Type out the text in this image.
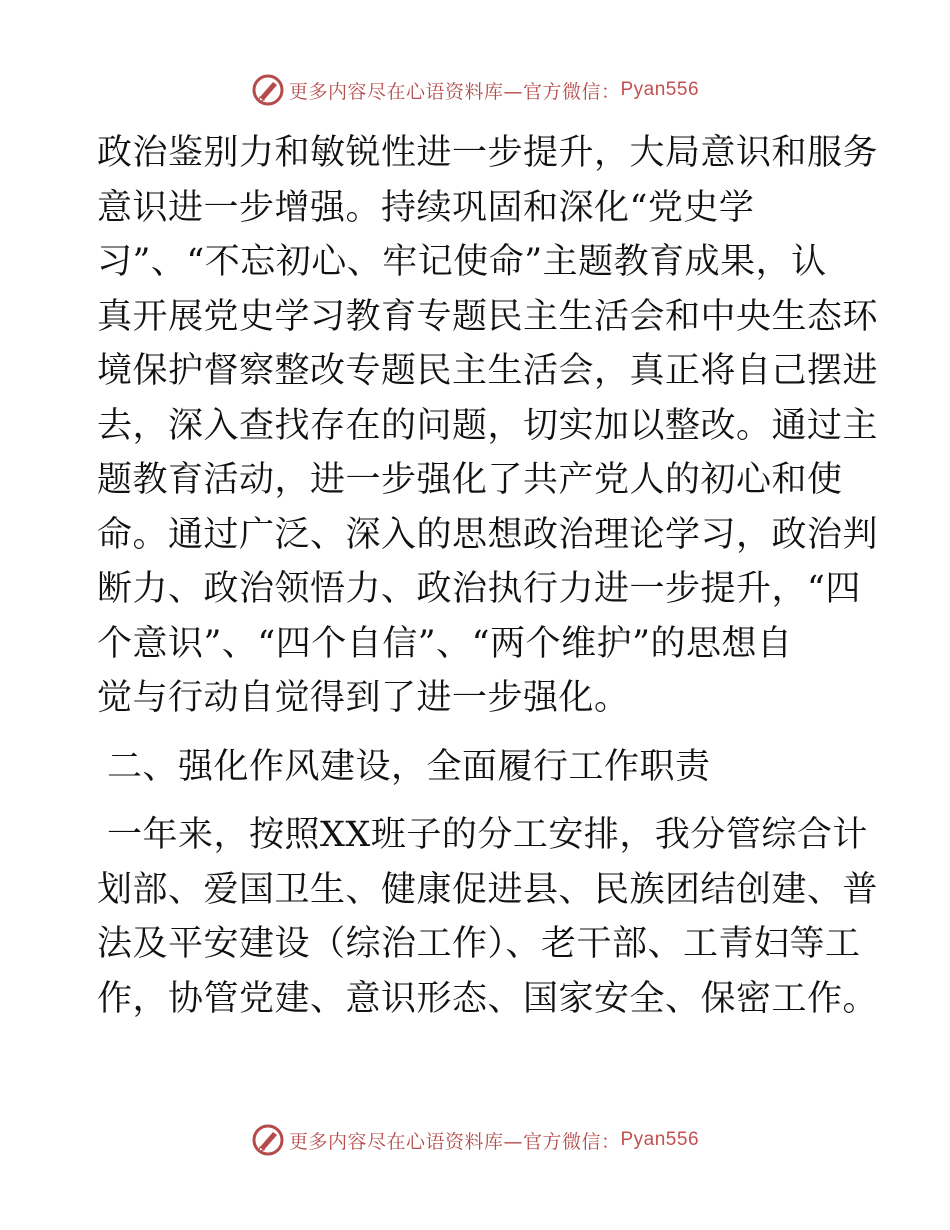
更多内容尽在心语资料库—官方微信： Pyan556
政治鉴别力和敏锐性进一步提升，大局意识和服务
意识进一步增强。持续巩固和深化“党史学
习”、“不忘初心、牢记使命”主题教育成果，认
真开展党史学习教育专题民主生活会和中央生态环
境保护督察整改专题民主生活会，真正将自己摆进
去，深入查找存在的问题，切实加以整改。通过主
题教育活动，进一步强化了共产党人的初心和使
命。通过广泛、深入的思想政治理论学习，政治判
断力、政治领悟力、政治执行力进一步提升，“四
个意识”、“四个自信”、“两个维护”的思想自
觉与行动自觉得到了进一步强化。
二、强化作风建设，全面履行工作职责
一年来，按照XX班子的分工安排，我分管综合计
划部、爱国卫生、健康促进县、民族团结创建、普
法及平安建设（综治工作）、老干部、工青妇等工
作，协管党建、意识形态、国家安全、保密工作。
更多内容尽在心语资料库—官方微信： Pyan556
